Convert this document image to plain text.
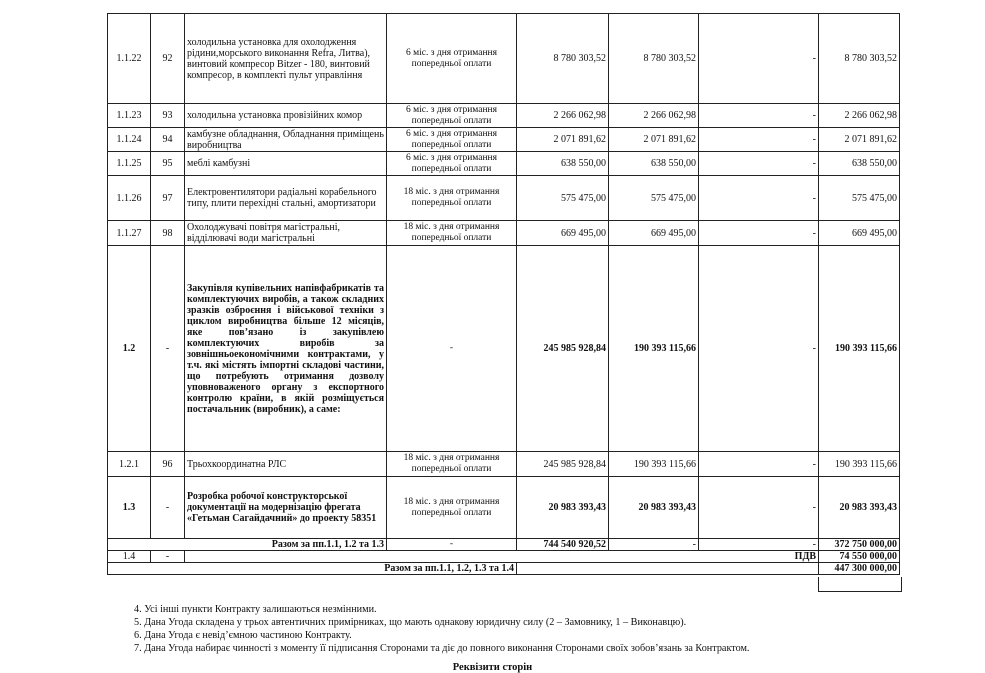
1.1.22	92	холодильна установка для охолодження рідини,морського виконання Refra, Литва), винтовий компресор Bitzer - 180, винтовий компресор, в комплекті пульт управління	6 міс. з дня отримання попередньої оплати	8 780 303,52	8 780 303,52	-	8 780 303,52
1.1.23	93	холодильна установка провізійних комор	6 міс. з дня отримання попередньої оплати	2 266 062,98	2 266 062,98	-	2 266 062,98
1.1.24	94	камбузне обладнання, Обладнання приміщень виробництва	6 міс. з дня отримання попередньої оплати	2 071 891,62	2 071 891,62	-	2 071 891,62
1.1.25	95	меблі камбузні	6 міс. з дня отримання попередньої оплати	638 550,00	638 550,00	-	638 550,00
1.1.26	97	Електровентилятори радіальні корабельного типу, плити перехідні стальні, амортизатори	18 міс. з дня отримання попередньої оплати	575 475,00	575 475,00	-	575 475,00
1.1.27	98	Охолоджувачі повітря магістральні, відділювачі води магістральні	18 міс. з дня отримання попередньої оплати	669 495,00	669 495,00	-	669 495,00
1.2	-	Закупівля купівельних напівфабрикатів та комплектуючих виробів, а також складних зразків озброєння і військової техніки з циклом виробництва більше 12 місяців, яке пов’язано із закупівлею комплектуючих виробів за зовнішньоекономічними контрактами, у т.ч. які містять імпортні складові частини, що потребують отримання дозволу уповноваженого органу з експортного контролю країни, в якій розміщується постачальник (виробник), а саме:	-	245 985 928,84	190 393 115,66	-	190 393 115,66
1.2.1	96	Трьохкоординатна РЛС	18 міс. з дня отримання попередньої оплати	245 985 928,84	190 393 115,66	-	190 393 115,66
1.3	-	Розробка робочої конструкторської документації на модернізацію фрегата «Гетьман Сагайдачний» до проекту 58351	18 міс. з дня отримання попередньої оплати	20 983 393,43	20 983 393,43	-	20 983 393,43
	Разом за пп.1.1, 1.2 та 1.3		-	744 540 920,52	-	-	372 750 000,00
1.4	-	ПДВ					74 550 000,00
Разом за пп.1.1, 1.2, 1.3 та 1.4							447 300 000,00
4. Усі інші пункти Контракту залишаються незмінними.
5. Дана Угода складена у трьох автентичних примірниках, що мають однакову юридичну силу (2 – Замовнику, 1 – Виконавцю).
6. Дана Угода є невід’ємною частиною Контракту.
7. Дана Угода набирає чинності з моменту її підписання Сторонами та діє до повного виконання Сторонами своїх зобов’язань за Контрактом.
Реквізити сторін
